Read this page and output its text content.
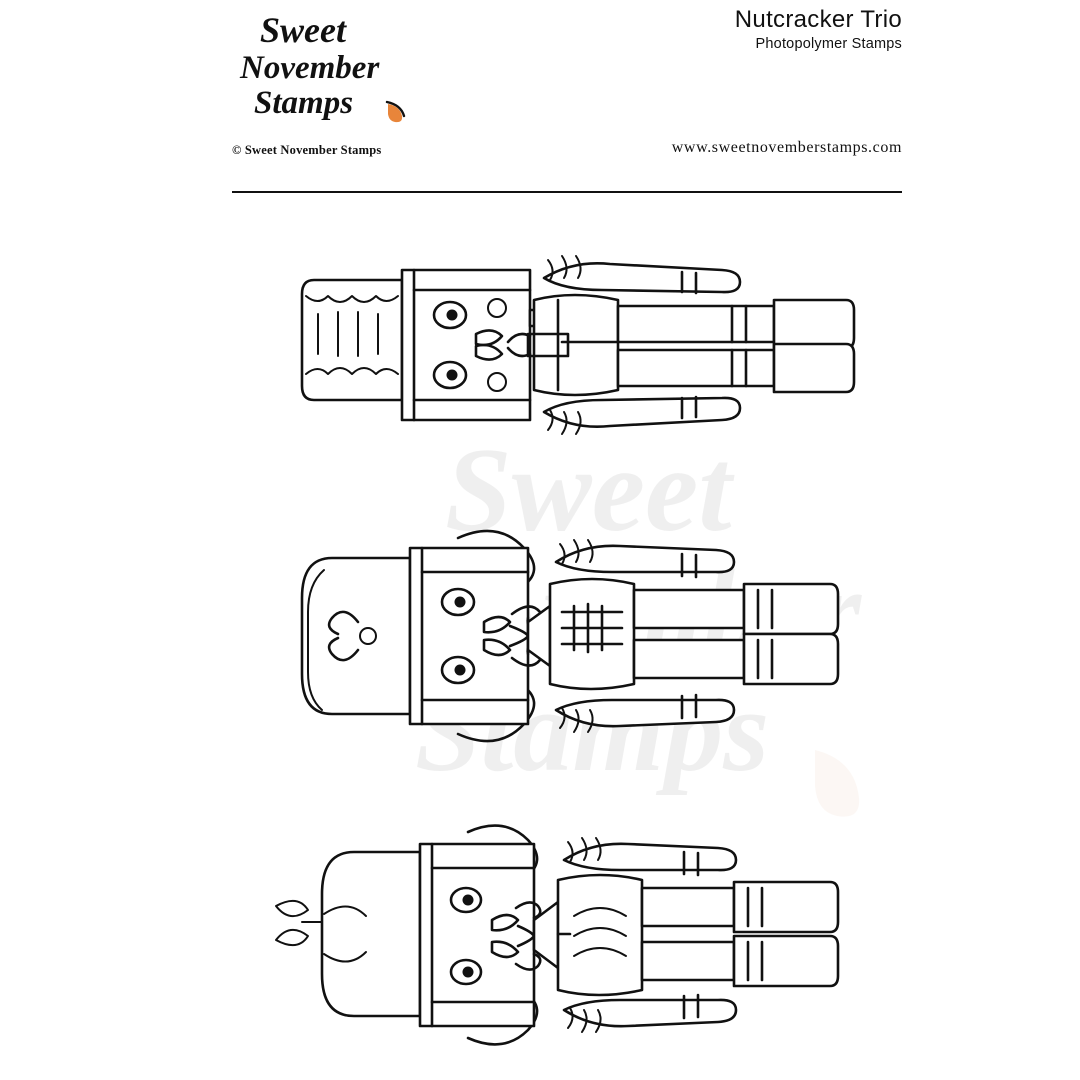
Sweet
November
Stamps
© Sweet November Stamps
Nutcracker Trio
Photopolymer Stamps
www.sweetnovemberstamps.com
Sweet
Stamps
